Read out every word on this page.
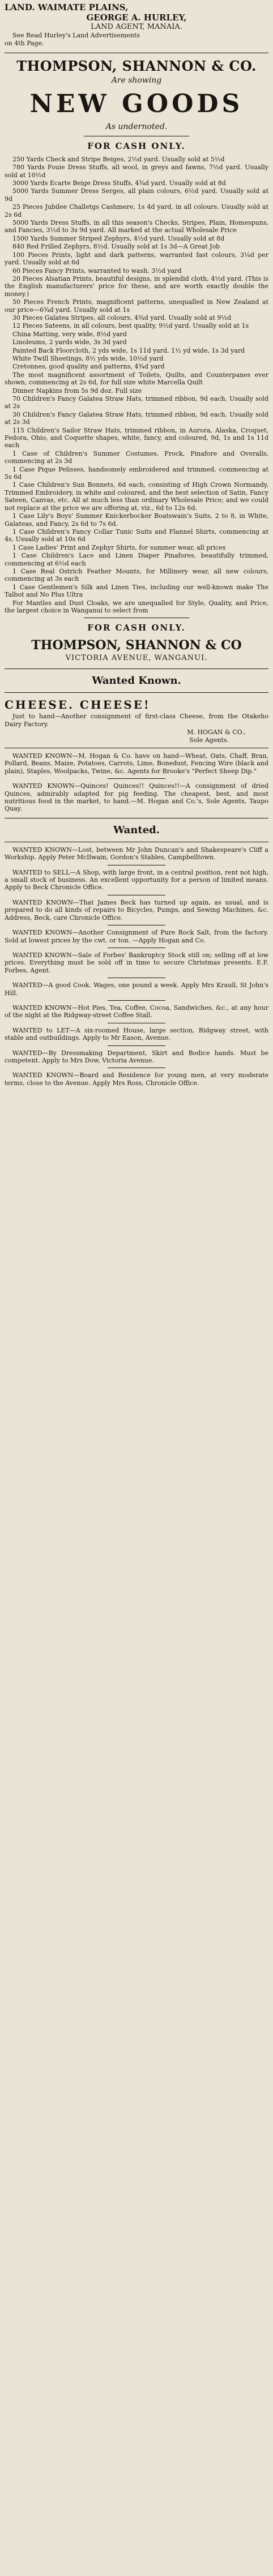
LAND. WAIMATE PLAINS,

GEORGE A. HURLEY,

LAND AGENT, MANAIA.

See Read Hurley's Land Advertisements

on 4th Page.

THOMPSON, SHANNON & CO.

Are showing

NEW GOODS

As undernoted.

FOR CASH ONLY.

250 Yards Check and Stripe Beiges, 2½d yard. Usually sold at 5½d

780 Yards Fouie Dress Stuffs, all wool, in greys and fawns, 7½d yard. Usually sold at 10½d

3000 Yards Ecarte Beige Dress Stuffs, 4¾d yard. Usually sold at 8d

5000 Yards Summer Dress Serges, all plain colours, 6½d yard. Usually sold at 9d

25 Pieces Jubilee Challetgs Cashmere, 1s 4d yard, in all colours. Usually sold at 2s 6d

5000 Yards Dress Stuffs, in all this season's Checks, Stripes, Plain, Homespuns, and Fancies, 3½d to 3s 9d yard. All marked at the actual Wholesale Price

1500 Yards Summer Striped Zephyrs, 4½d yard. Usually sold at 8d

840 Red Frilled Zephyrs, 8½d. Usually sold at 1s 3d—A Great Job

100 Pieces Prints, light and dark patterns, warranted fast colours, 3¼d per yard. Usually sold at 6d

60 Pieces Fancy Prints, warranted to wash, 3½d yard

20 Pieces Alsatian Prints, beautiful designs, in splendid cloth, 4½d yard. (This is the English manufacturers' price for these, and are worth exactly double the money.)

50 Pieces French Prints, magnificent patterns, unequalled in New Zealand at our price—6¾d yard. Usually sold at 1s

30 Pieces Galatea Stripes, all colours, 4¾d yard. Usually sold at 9½d

12 Pieces Sateens, in all colours, best quality, 9½d yard. Usually sold at 1s

China Matting, very wide, 8½d yard

Linoleums, 2 yards wide, 3s 3d yard

Painted Back Floorcloth, 2 yds wide, 1s 11d yard. 1½ yd wide, 1s 3d yard

White Twill Sheetings, 8½ yds wide, 10½d yard

Cretonnes, good quality and patterns, 4¾d yard

The most magnificent assortment of Toilets, Quilts, and Counterpanes ever shown, commencing at 2s 6d, for full size white Marcella Quilt

Dinner Napkins from 5s 9d doz. Full size

70 Children's Fancy Galatea Straw Hats, trimmed ribbon, 9d each. Usually sold at 2s

30 Children's Fancy Galatea Straw Hats, trimmed ribbon, 9d each. Usually sold at 2s 3d

115 Children's Sailor Straw Hats, trimmed ribbon, in Aurora, Alaska, Croquet, Fedora, Ohio, and Coquette shapes, white, fancy, and coloured, 9d, 1s and 1s 11d each

1 Case of Children's Summer Costumes, Frock, Pinafore and Overalls, commencing at 2s 3d

1 Case Pique Pelisses, handsomely embroidered and trimmed, commencing at 5s 6d

1 Case Children's Sun Bonnets, 6d each, consisting of High Crown Normandy, Trimmed Embroidery, in white and coloured, and the best selection of Satin, Fancy Sateen, Canvas, etc. All at much less than ordinary Wholesale Price; and we could not replace at the price we are offering at, viz., 6d to 12s 6d.

1 Case Lily's Boys' Summer Knickerbocker Boatswain's Suits, 2 to 8, in White, Galateas, and Fancy, 2s 6d to 7s 6d.

1 Case Children's Fancy Collar Tunic Suits and Flannel Shirts, commencing at 4s. Usually sold at 10s 6d

1 Case Ladies' Print and Zephyr Shirts, for summer wear, all prices

1 Case Children's Lace and Linen Diaper Pinafores, beautifully trimmed, commencing at 6½d each

1 Case Real Ostrich Feather Mounts, for Millinery wear, all new colours, commencing at 3s each

1 Case Gentlemen's Silk and Linen Ties, including our well-known make The Talbot and No Plus Ultra

For Mantles and Dust Cloaks, we are unequalled for Style, Quality, and Price, the largest choice in Wanganui to select from

FOR CASH ONLY.

THOMPSON, SHANNON & CO

VICTORIA AVENUE, WANGANUI.

Wanted Known.

CHEESE. CHEESE!

Just to hand—Another consignment of first-class Cheese, from the Otakeho Dairy Factory.

M. HOGAN & CO.,

Sole Agents.

WANTED KNOWN—M. Hogan & Co. have on hand—Wheat, Oats, Chaff, Bran, Pollard, Beans, Maize, Potatoes, Carrots, Lime, Bonedust, Fencing Wire (black and plain), Staples, Woolpacks, Twine, &c. Agents for Brooke's "Perfect Sheep Dip."

WANTED KNOWN—Quinces! Quinces!! Quinces!!—A consignment of dried Quinces, admirably adapted for pig feeding. The cheapest, best, and most nutritious food in the market, to hand.—M. Hogan and Co.'s, Sole Agents, Taupo Quay.

Wanted.

WANTED KNOWN—Lost, between Mr John Duncan's and Shakespeare's Cliff a Workship. Apply Peter McIlwain, Gordon's Stables, Campbelltown.

WANTED to SELL—A Shop, with large front, in a central position, rent not high, a small stock of business. An excellent opportunity for a person of limited means. Apply to Beck Chronicle Office.

WANTED KNOWN—That James Beck has turned up again, as usual, and is prepared to do all kinds of repairs to Bicycles, Pumps, and Sewing Machines, &c. Address, Beck, care Chronicle Office.

WANTED KNOWN—Another Consignment of Pure Rock Salt, from the factory. Sold at lowest prices by the cwt. or ton. —Apply Hogan and Co.

WANTED KNOWN—Sale of Forbes' Bankruptcy Stock still on; selling off at low prices. Everything must be sold off in time to secure Christmas presents. E.F. Forbes, Agent.

WANTED—A good Cook. Wages, one pound a week. Apply Mrs Kraull, St John's Hill.

WANTED KNOWN—Hot Pies, Tea, Coffee, Cocoa, Sandwiches, &c., at any hour of the night at the Ridgway-street Coffee Stall.

WANTED to LET—A six-roomed House, large section, Ridgway street, with stable and outbuildings. Apply to Mr Eason, Avenue.

WANTED—By Dressmaking Department, Skirt and Bodice hands. Must be competent. Apply to Mrs Dow, Victoria Avenue.

WANTED KNOWN—Board and Residence for young men, at very moderate terms, close to the Avenue. Apply Mrs Ross, Chronicle Office.
